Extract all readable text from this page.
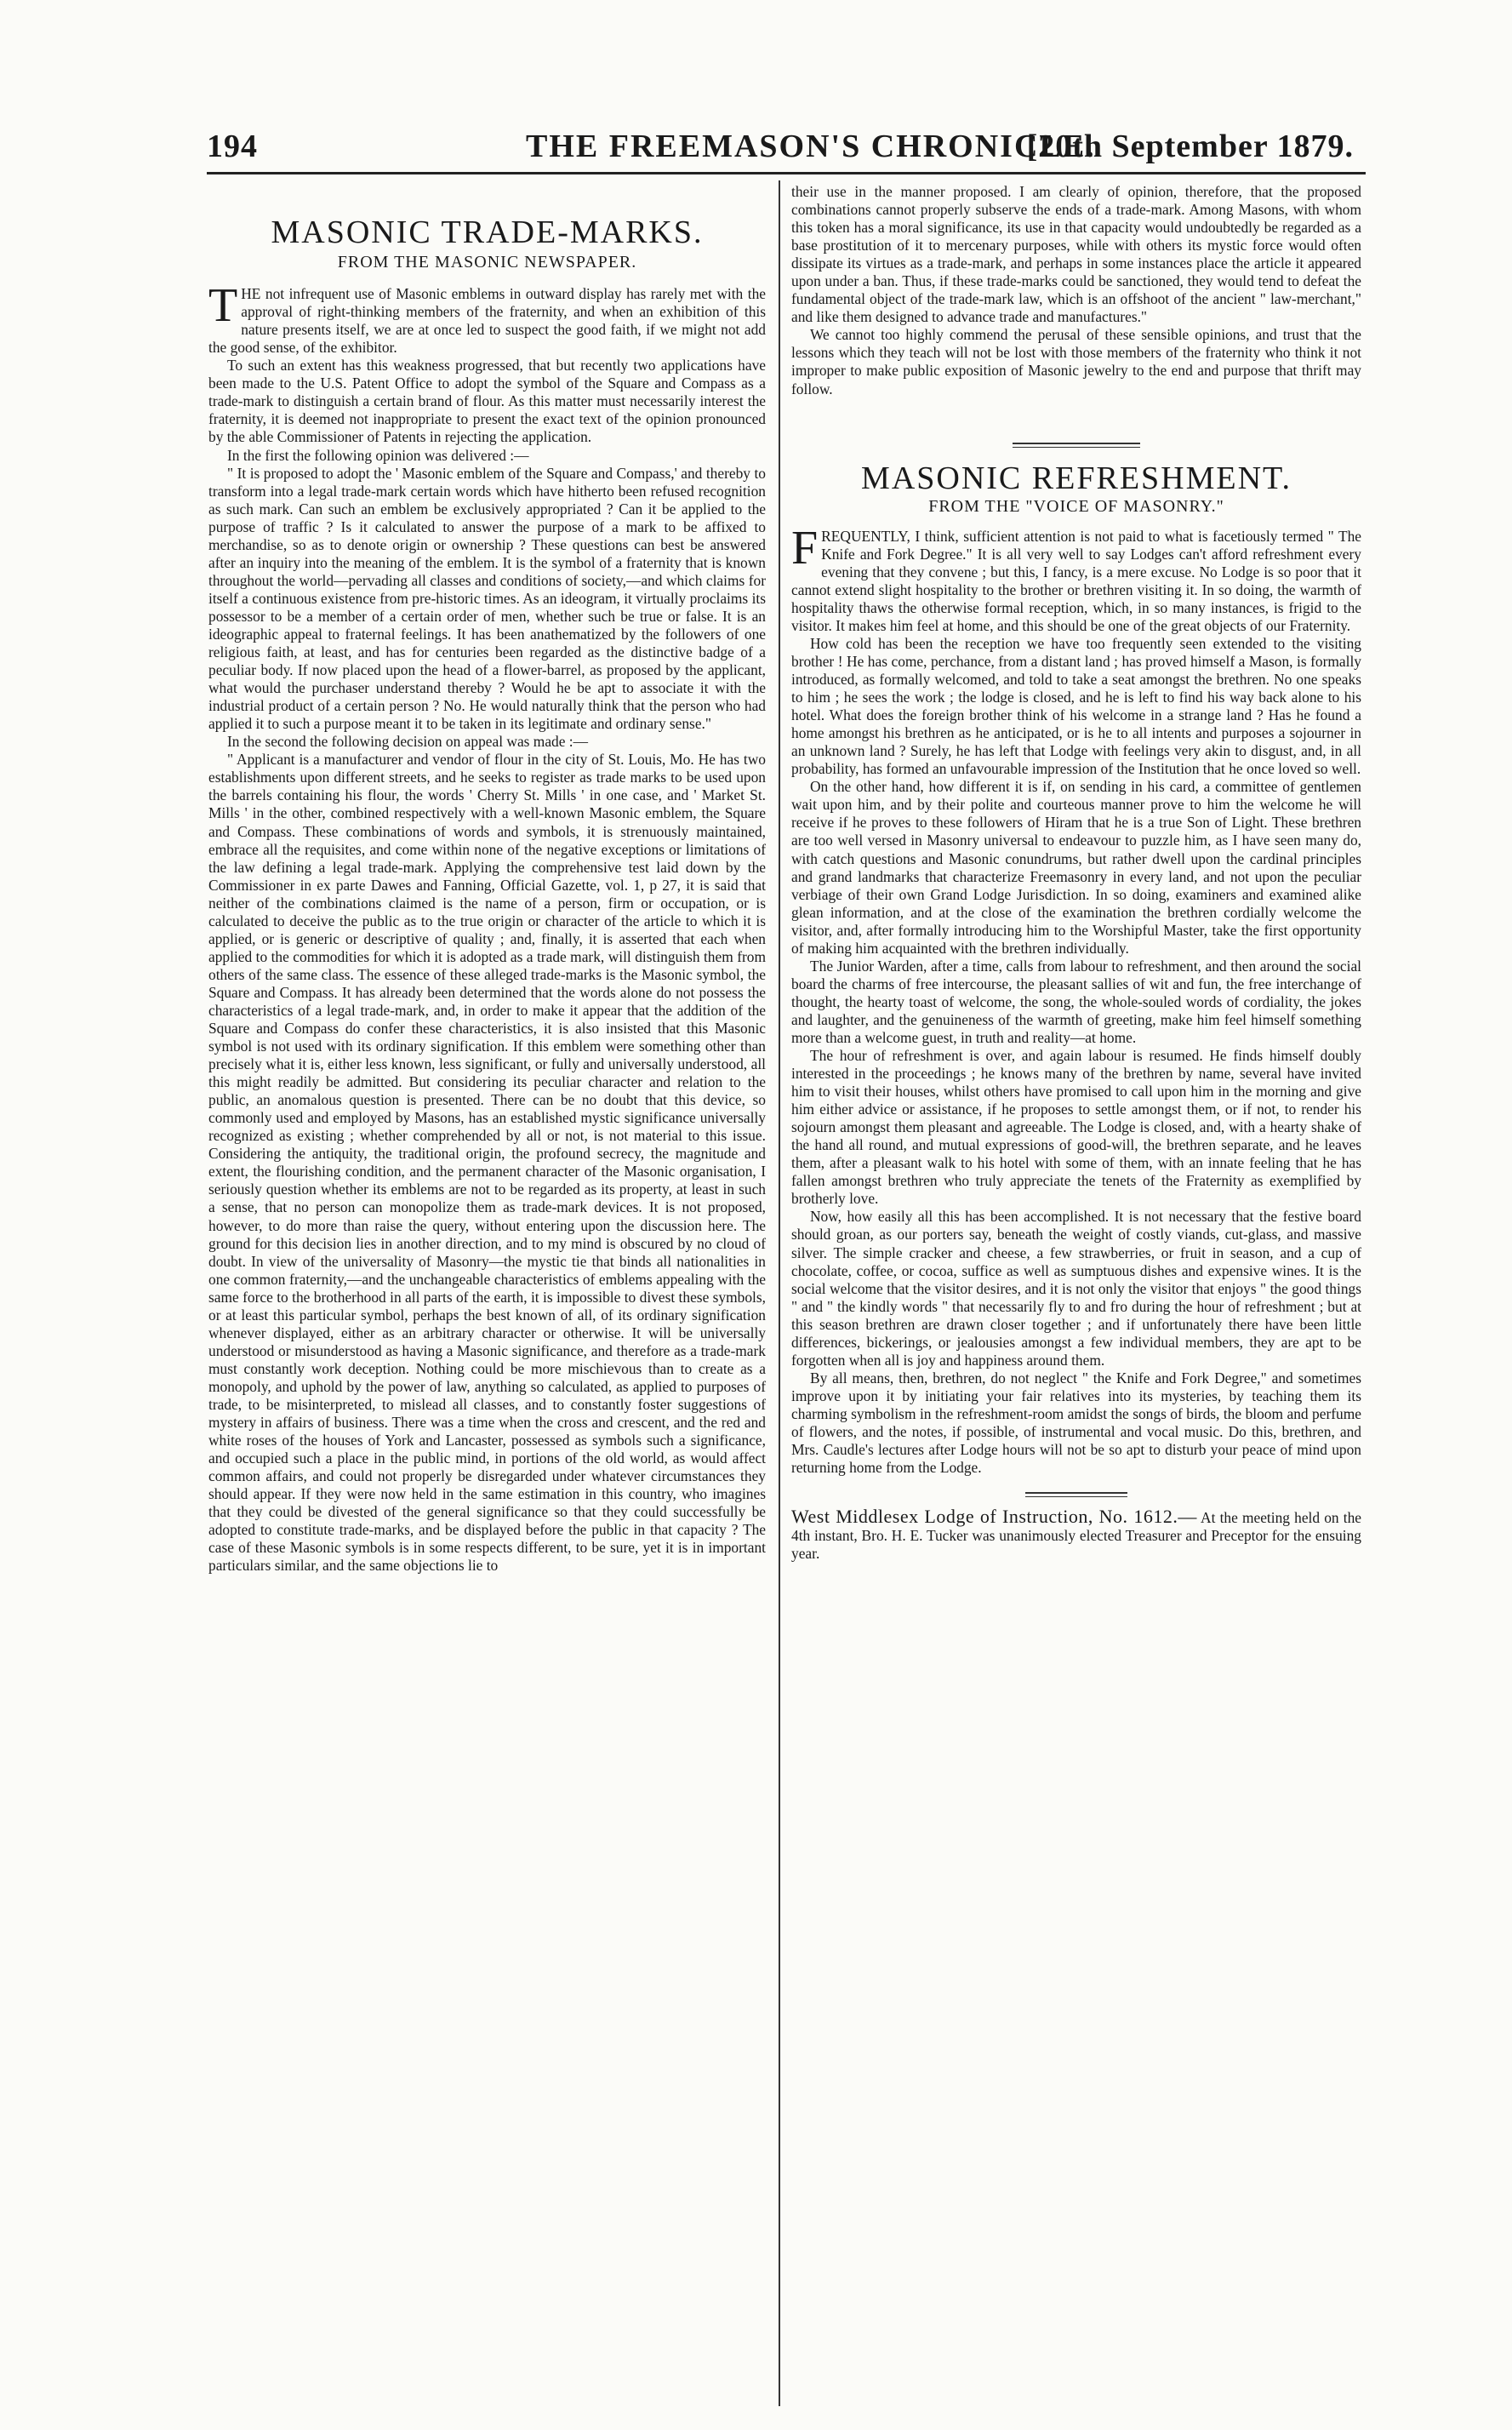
194	THE FREEMASON'S CHRONICLE.
[20th September 1879.
MASONIC TRADE-MARKS.

FROM THE MASONIC NEWSPAPER.

T HE not infrequent use of Masonic emblems in outward display has rarely met with the approval of right-thinking members of the fraternity, and when an exhibition of this nature presents itself, we are at once led to suspect the good faith, if we might not add the good sense, of the exhibitor.

To such an extent has this weakness progressed, that but recently two applications have been made to the U.S. Patent Office to adopt the symbol of the Square and Compass as a trade-mark to distinguish a certain brand of flour. As this matter must necessarily interest the fraternity, it is deemed not inappropriate to present the exact text of the opinion pronounced by the able Commissioner of Patents in rejecting the application.

In the first the following opinion was delivered :—

" It is proposed to adopt the ' Masonic emblem of the Square and Compass,' and thereby to transform into a legal trade-mark certain words which have hitherto been refused recognition as such mark. Can such an emblem be exclusively appropriated ? Can it be applied to the purpose of traffic ? Is it calculated to answer the purpose of a mark to be affixed to merchandise, so as to denote origin or ownership ? These questions can best be answered after an inquiry into the meaning of the emblem. It is the symbol of a fraternity that is known throughout the world—pervading all classes and conditions of society,—and which claims for itself a continuous existence from pre-historic times. As an ideogram, it virtually proclaims its possessor to be a member of a certain order of men, whether such be true or false. It is an ideographic appeal to fraternal feelings. It has been anathematized by the followers of one religious faith, at least, and has for centuries been regarded as the distinctive badge of a peculiar body. If now placed upon the head of a flower-barrel, as proposed by the applicant, what would the purchaser understand thereby ? Would he be apt to associate it with the industrial product of a certain person ? No. He would naturally think that the person who had applied it to such a purpose meant it to be taken in its legitimate and ordinary sense."

In the second the following decision on appeal was made :—

" Applicant is a manufacturer and vendor of flour in the city of St. Louis, Mo. He has two establishments upon different streets, and he seeks to register as trade marks to be used upon the barrels containing his flour, the words ' Cherry St. Mills ' in one case, and ' Market St. Mills ' in the other, combined respectively with a well-known Masonic emblem, the Square and Compass. These combinations of words and symbols, it is strenuously maintained, embrace all the requisites, and come within none of the negative exceptions or limitations of the law defining a legal trade-mark. Applying the comprehensive test laid down by the Commissioner in ex parte Dawes and Fanning, Official Gazette, vol. 1, p 27, it is said that neither of the combinations claimed is the name of a person, firm or occupation, or is calculated to deceive the public as to the true origin or character of the article to which it is applied, or is generic or descriptive of quality ; and, finally, it is asserted that each when applied to the commodities for which it is adopted as a trade mark, will distinguish them from others of the same class. The essence of these alleged trade-marks is the Masonic symbol, the Square and Compass. It has already been determined that the words alone do not possess the characteristics of a legal trade-mark, and, in order to make it appear that the addition of the Square and Compass do confer these characteristics, it is also insisted that this Masonic symbol is not used with its ordinary signification. If this emblem were something other than precisely what it is, either less known, less significant, or fully and universally understood, all this might readily be admitted. But considering its peculiar character and relation to the public, an anomalous question is presented. There can be no doubt that this device, so commonly used and employed by Masons, has an established mystic significance universally recognized as existing ; whether comprehended by all or not, is not material to this issue. Considering the antiquity, the traditional origin, the profound secrecy, the magnitude and extent, the flourishing condition, and the permanent character of the Masonic organisation, I seriously question whether its emblems are not to be regarded as its property, at least in such a sense, that no person can monopolize them as trade-mark devices. It is not proposed, however, to do more than raise the query, without entering upon the discussion here. The ground for this decision lies in another direction, and to my mind is obscured by no cloud of doubt. In view of the universality of Masonry—the mystic tie that binds all nationalities in one common fraternity,—and the unchangeable characteristics of emblems appealing with the same force to the brotherhood in all parts of the earth, it is impossible to divest these symbols, or at least this particular symbol, perhaps the best known of all, of its ordinary signification whenever displayed, either as an arbitrary character or otherwise. It will be universally understood or misunderstood as having a Masonic significance, and therefore as a trade-mark must constantly work deception. Nothing could be more mischievous than to create as a monopoly, and uphold by the power of law, anything so calculated, as applied to purposes of trade, to be misinterpreted, to mislead all classes, and to constantly foster suggestions of mystery in affairs of business. There was a time when the cross and crescent, and the red and white roses of the houses of York and Lancaster, possessed as symbols such a significance, and occupied such a place in the public mind, in portions of the old world, as would affect common affairs, and could not properly be disregarded under whatever circumstances they should appear. If they were now held in the same estimation in this country, who imagines that they could be divested of the general significance so that they could successfully be adopted to constitute trade-marks, and be displayed before the public in that capacity ? The case of these Masonic symbols is in some respects different, to be sure, yet it is in important particulars similar, and the same objections lie to

their use in the manner proposed. I am clearly of opinion, therefore, that the proposed combinations cannot properly subserve the ends of a trade-mark. Among Masons, with whom this token has a moral significance, its use in that capacity would undoubtedly be regarded as a base prostitution of it to mercenary purposes, while with others its mystic force would often dissipate its virtues as a trade-mark, and perhaps in some instances place the article it appeared upon under a ban. Thus, if these trade-marks could be sanctioned, they would tend to defeat the fundamental object of the trade-mark law, which is an offshoot of the ancient " law-merchant," and like them designed to advance trade and manufactures."

We cannot too highly commend the perusal of these sensible opinions, and trust that the lessons which they teach will not be lost with those members of the fraternity who think it not improper to make public exposition of Masonic jewelry to the end and purpose that thrift may follow.

MASONIC REFRESHMENT.

FROM THE "VOICE OF MASONRY."

F REQUENTLY, I think, sufficient attention is not paid to what is facetiously termed " The Knife and Fork Degree." It is all very well to say Lodges can't afford refreshment every evening that they convene ; but this, I fancy, is a mere excuse. No Lodge is so poor that it cannot extend slight hospitality to the brother or brethren visiting it. In so doing, the warmth of hospitality thaws the otherwise formal reception, which, in so many instances, is frigid to the visitor. It makes him feel at home, and this should be one of the great objects of our Fraternity.

How cold has been the reception we have too frequently seen extended to the visiting brother ! He has come, perchance, from a distant land ; has proved himself a Mason, is formally introduced, as formally welcomed, and told to take a seat amongst the brethren. No one speaks to him ; he sees the work ; the lodge is closed, and he is left to find his way back alone to his hotel. What does the foreign brother think of his welcome in a strange land ? Has he found a home amongst his brethren as he anticipated, or is he to all intents and purposes a sojourner in an unknown land ? Surely, he has left that Lodge with feelings very akin to disgust, and, in all probability, has formed an unfavourable impression of the Institution that he once loved so well.

On the other hand, how different it is if, on sending in his card, a committee of gentlemen wait upon him, and by their polite and courteous manner prove to him the welcome he will receive if he proves to these followers of Hiram that he is a true Son of Light. These brethren are too well versed in Masonry universal to endeavour to puzzle him, as I have seen many do, with catch questions and Masonic conundrums, but rather dwell upon the cardinal principles and grand landmarks that characterize Freemasonry in every land, and not upon the peculiar verbiage of their own Grand Lodge Jurisdiction. In so doing, examiners and examined alike glean information, and at the close of the examination the brethren cordially welcome the visitor, and, after formally introducing him to the Worshipful Master, take the first opportunity of making him acquainted with the brethren individually.

The Junior Warden, after a time, calls from labour to refreshment, and then around the social board the charms of free intercourse, the pleasant sallies of wit and fun, the free interchange of thought, the hearty toast of welcome, the song, the whole-souled words of cordiality, the jokes and laughter, and the genuineness of the warmth of greeting, make him feel himself something more than a welcome guest, in truth and reality—at home.

The hour of refreshment is over, and again labour is resumed. He finds himself doubly interested in the proceedings ; he knows many of the brethren by name, several have invited him to visit their houses, whilst others have promised to call upon him in the morning and give him either advice or assistance, if he proposes to settle amongst them, or if not, to render his sojourn amongst them pleasant and agreeable. The Lodge is closed, and, with a hearty shake of the hand all round, and mutual expressions of good-will, the brethren separate, and he leaves them, after a pleasant walk to his hotel with some of them, with an innate feeling that he has fallen amongst brethren who truly appreciate the tenets of the Fraternity as exemplified by brotherly love.

Now, how easily all this has been accomplished. It is not necessary that the festive board should groan, as our porters say, beneath the weight of costly viands, cut-glass, and massive silver. The simple cracker and cheese, a few strawberries, or fruit in season, and a cup of chocolate, coffee, or cocoa, suffice as well as sumptuous dishes and expensive wines. It is the social welcome that the visitor desires, and it is not only the visitor that enjoys " the good things " and " the kindly words " that necessarily fly to and fro during the hour of refreshment ; but at this season brethren are drawn closer together ; and if unfortunately there have been little differences, bickerings, or jealousies amongst a few individual members, they are apt to be forgotten when all is joy and happiness around them.

By all means, then, brethren, do not neglect " the Knife and Fork Degree," and sometimes improve upon it by initiating your fair relatives into its mysteries, by teaching them its charming symbolism in the refreshment-room amidst the songs of birds, the bloom and perfume of flowers, and the notes, if possible, of instrumental and vocal music. Do this, brethren, and Mrs. Caudle's lectures after Lodge hours will not be so apt to disturb your peace of mind upon returning home from the Lodge.

West Middlesex Lodge of Instruction, No. 1612.— At the meeting held on the 4th instant, Bro. H. E. Tucker was unanimously elected Treasurer and Preceptor for the ensuing year.
